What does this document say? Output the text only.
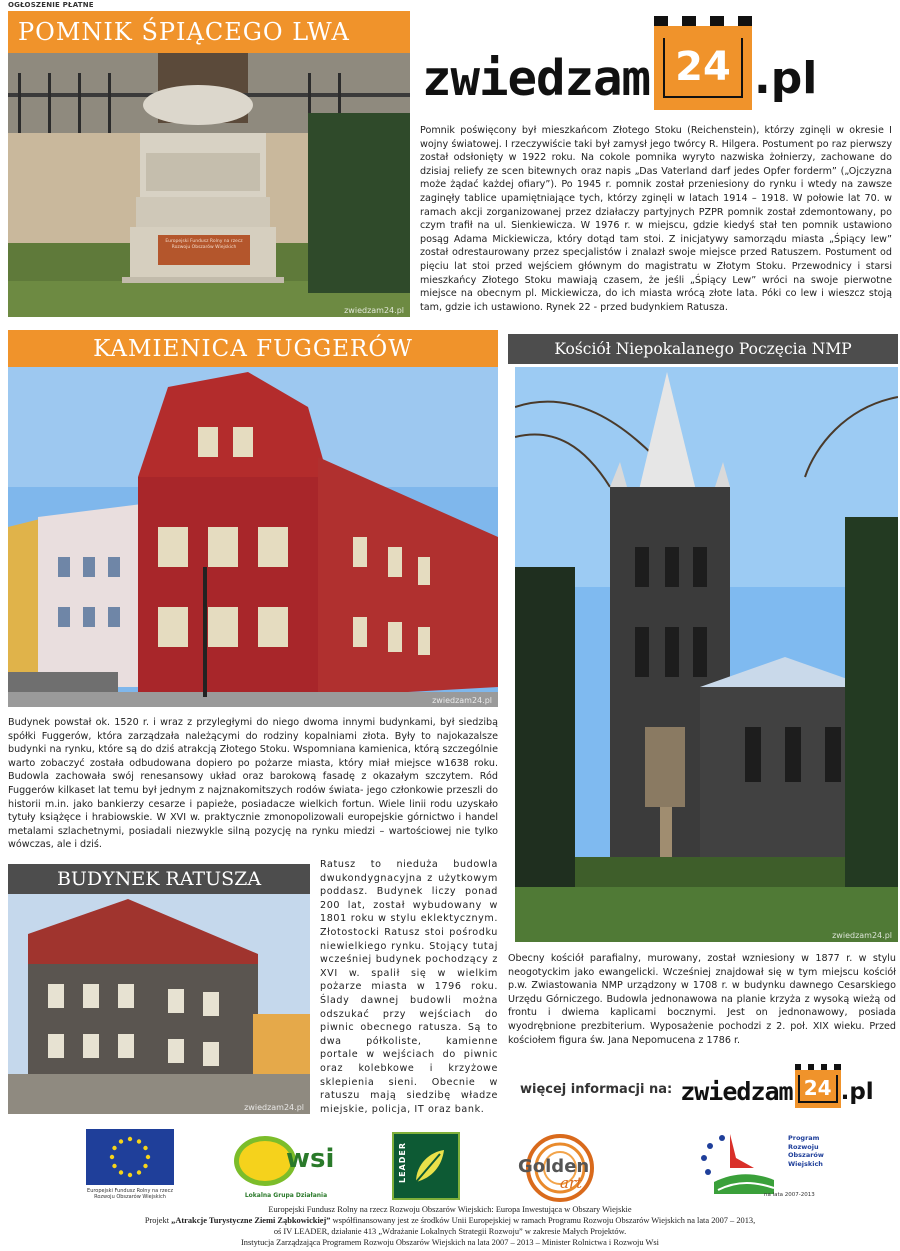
OGŁOSZENIE PŁATNE
POMNIK ŚPIĄCEGO LWA
Europejski Fundusz Rolny na rzecz Rozwoju Obszarów Wiejskich
zwiedzam24.pl
zwiedzam 24 .pl
Pomnik poświęcony był mieszkańcom Złotego Stoku (Reichenstein), którzy zginęli w okresie I wojny światowej. I rzeczywiście taki był zamysł jego twórcy R. Hilgera. Postument po raz pierwszy został odsłonięty w 1922 roku. Na cokole pomnika wyryto nazwiska żołnierzy, zachowane do dzisiaj reliefy ze scen bitewnych oraz napis „Das Vaterland darf jedes Opfer forderm” („Ojczyzna może żądać każdej ofiary”). Po 1945 r. pomnik został przeniesiony do rynku i wtedy na zawsze zaginęły tablice upamiętniające tych, którzy zginęli w latach 1914 – 1918. W połowie lat 70. w ramach akcji zorganizowanej przez działaczy partyjnych PZPR pomnik został zdemontowany, po czym trafił na ul. Sienkiewicza. W 1976 r. w miejscu, gdzie kiedyś stał ten pomnik ustawiono posąg Adama Mickiewicza, który dotąd tam stoi. Z inicjatywy samorządu miasta „Śpiący lew” został odrestaurowany przez specjalistów i znalazł swoje miejsce przed Ratuszem. Postument od pięciu lat stoi przed wejściem głównym do magistratu w Złotym Stoku. Przewodnicy i starsi mieszkańcy Złotego Stoku mawiają czasem, że jeśli „Śpiący Lew” wróci na swoje pierwotne miejsce na obecnym pl. Mickiewicza, do ich miasta wrócą złote lata. Póki co lew i wieszcz stoją tam, gdzie ich ustawiono. Rynek 22 - przed budynkiem Ratusza.
KAMIENICA FUGGERÓW
zwiedzam24.pl
Budynek powstał ok. 1520 r. i wraz z przyległymi do niego dwoma innymi budynkami, był siedzibą spółki Fuggerów, która zarządzała należącymi do rodziny kopalniami złota. Były to najokazalsze budynki na rynku, które są do dziś atrakcją Złotego Stoku. Wspomniana kamienica, którą szczególnie warto zobaczyć została odbudowana dopiero po pożarze miasta, który miał miejsce w1638 roku. Budowla zachowała swój renesansowy układ oraz barokową fasadę z okazałym szczytem. Ród Fuggerów kilkaset lat temu był jednym z najznakomitszych rodów świata- jego członkowie przeszli do historii m.in. jako bankierzy cesarze i papieże, posiadacze wielkich fortun. Wiele linii rodu uzyskało tytuły książęce i hrabiowskie. W XVI w. praktycznie zmonopolizowali europejskie górnictwo i handel metalami szlachetnymi, posiadali niezwykle silną pozycję na rynku miedzi – wartościowej nie tylko wówczas, ale i dziś.
Kościół Niepokalanego Poczęcia NMP
zwiedzam24.pl
Obecny kościół parafialny, murowany, został wzniesiony w 1877 r. w stylu neogotyckim jako ewangelicki. Wcześniej znajdował się w tym miejscu kościół p.w. Zwiastowania NMP urządzony w 1708 r. w budynku dawnego Cesarskiego Urzędu Górniczego. Budowla jednonawowa na planie krzyża z wysoką wieżą od frontu i dwiema kaplicami bocznymi. Jest on jednonawowy, posiada wyodrębnione prezbiterium. Wyposażenie pochodzi z 2. poł. XIX wieku. Przed kościołem figura św. Jana Nepomucena z 1786 r.
BUDYNEK RATUSZA
zwiedzam24.pl
Ratusz to nieduża budowla dwukondygnacyjna z użytkowym poddasz. Budynek liczy ponad 200 lat, został wybudowany w 1801 roku w stylu eklektycznym. Złotostocki Ratusz stoi pośrodku niewielkiego rynku. Stojący tutaj wcześniej budynek pochodzący z XVI w. spalił się w wielkim pożarze miasta w 1796 roku. Ślady dawnej budowli można odszukać przy wejściach do piwnic obecnego ratusza. Są to dwa półkoliste, kamienne portale w wejściach do piwnic oraz kolebkowe i krzyżowe sklepienia sieni. Obecnie w ratuszu mają siedzibę władze miejskie, policja, IT oraz bank.
więcej informacji na: zwiedzam 24 .pl
Europejski Fundusz Rolny na rzecz Rozwoju Obszarów Wiejskich
wsi
Lokalna Grupa Działania
LEADER	Golden
art
Program
Rozwoju
Obszarów
Wiejskich
na lata 2007-2013
Europejski Fundusz Rolny na rzecz Rozwoju Obszarów Wiejskich: Europa Inwestująca w Obszary Wiejskie
Projekt „Atrakcje Turystyczne Ziemi Ząbkowickiej” współfinansowany jest ze środków Unii Europejskiej w ramach Programu Rozwoju Obszarów Wiejskich na lata 2007 – 2013,
oś IV LEADER, działanie 413 „Wdrażanie Lokalnych Strategii Rozwoju” w zakresie Małych Projektów.
Instytucja Zarządzająca Programem Rozwoju Obszarów Wiejskich na lata 2007 – 2013 – Minister Rolnictwa i Rozwoju Wsi
